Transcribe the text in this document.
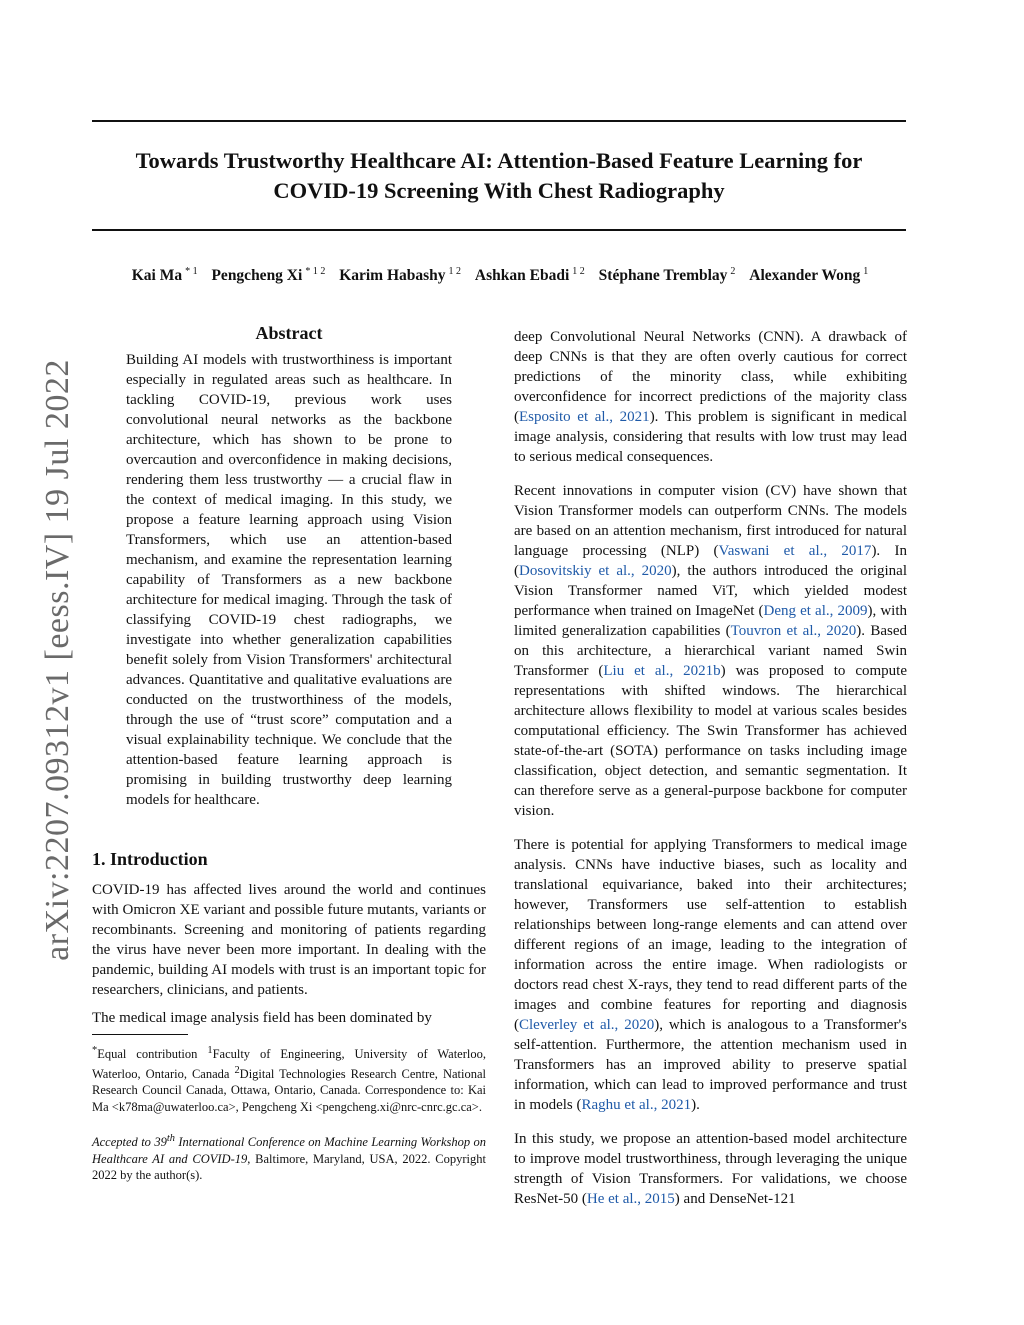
arXiv:2207.09312v1 [eess.IV] 19 Jul 2022
Towards Trustworthy Healthcare AI: Attention-Based Feature Learning for
COVID-19 Screening With Chest Radiography
Kai Ma $^{* 1}$ Pengcheng Xi $^{* 1 2}$ Karim Habashy $^{1 2}$ Ashkan Ebadi $^{1 2}$ Stéphane Tremblay $^2$ Alexander Wong $^1$
Abstract

Building AI models with trustworthiness is important especially in regulated areas such as healthcare. In tackling COVID-19, previous work uses convolutional neural networks as the backbone architecture, which has shown to be prone to overcaution and overconfidence in making decisions, rendering them less trustworthy — a crucial flaw in the context of medical imaging. In this study, we propose a feature learning approach using Vision Transformers, which use an attention-based mechanism, and examine the representation learning capability of Transformers as a new backbone architecture for medical imaging. Through the task of classifying COVID-19 chest radiographs, we investigate into whether generalization capabilities benefit solely from Vision Transformers' architectural advances. Quantitative and qualitative evaluations are conducted on the trustworthiness of the models, through the use of “trust score” computation and a visual explainability technique. We conclude that the attention-based feature learning approach is promising in building trustworthy deep learning models for healthcare.

1. Introduction

COVID-19 has affected lives around the world and continues with Omicron XE variant and possible future mutants, variants or recombinants. Screening and monitoring of patients regarding the virus have never been more important. In dealing with the pandemic, building AI models with trust is an important topic for researchers, clinicians, and patients.

The medical image analysis field has been dominated by

*Equal contribution $^1$Faculty of Engineering, University of Waterloo, Waterloo, Ontario, Canada $^2$Digital Technologies Research Centre, National Research Council Canada, Ottawa, Ontario, Canada. Correspondence to: Kai Ma <k78ma@uwaterloo.ca>, Pengcheng Xi <pengcheng.xi@nrc-cnrc.gc.ca>.

Accepted to 39th International Conference on Machine Learning Workshop on Healthcare AI and COVID-19, Baltimore, Maryland, USA, 2022. Copyright 2022 by the author(s).

deep Convolutional Neural Networks (CNN). A drawback of deep CNNs is that they are often overly cautious for correct predictions of the minority class, while exhibiting overconfidence for incorrect predictions of the majority class (Esposito et al., 2021). This problem is significant in medical image analysis, considering that results with low trust may lead to serious medical consequences.

Recent innovations in computer vision (CV) have shown that Vision Transformer models can outperform CNNs. The models are based on an attention mechanism, first introduced for natural language processing (NLP) (Vaswani et al., 2017). In (Dosovitskiy et al., 2020), the authors introduced the original Vision Transformer named ViT, which yielded modest performance when trained on ImageNet (Deng et al., 2009), with limited generalization capabilities (Touvron et al., 2020). Based on this architecture, a hierarchical variant named Swin Transformer (Liu et al., 2021b) was proposed to compute representations with shifted windows. The hierarchical architecture allows flexibility to model at various scales besides computational efficiency. The Swin Transformer has achieved state-of-the-art (SOTA) performance on tasks including image classification, object detection, and semantic segmentation. It can therefore serve as a general-purpose backbone for computer vision.

There is potential for applying Transformers to medical image analysis. CNNs have inductive biases, such as locality and translational equivariance, baked into their architectures; however, Transformers use self-attention to establish relationships between long-range elements and can attend over different regions of an image, leading to the integration of information across the entire image. When radiologists or doctors read chest X-rays, they tend to read different parts of the images and combine features for reporting and diagnosis (Cleverley et al., 2020), which is analogous to a Transformer's self-attention. Furthermore, the attention mechanism used in Transformers has an improved ability to preserve spatial information, which can lead to improved performance and trust in models (Raghu et al., 2021).

In this study, we propose an attention-based model architecture to improve model trustworthiness, through leveraging the unique strength of Vision Transformers. For validations, we choose ResNet-50 (He et al., 2015) and DenseNet-121
